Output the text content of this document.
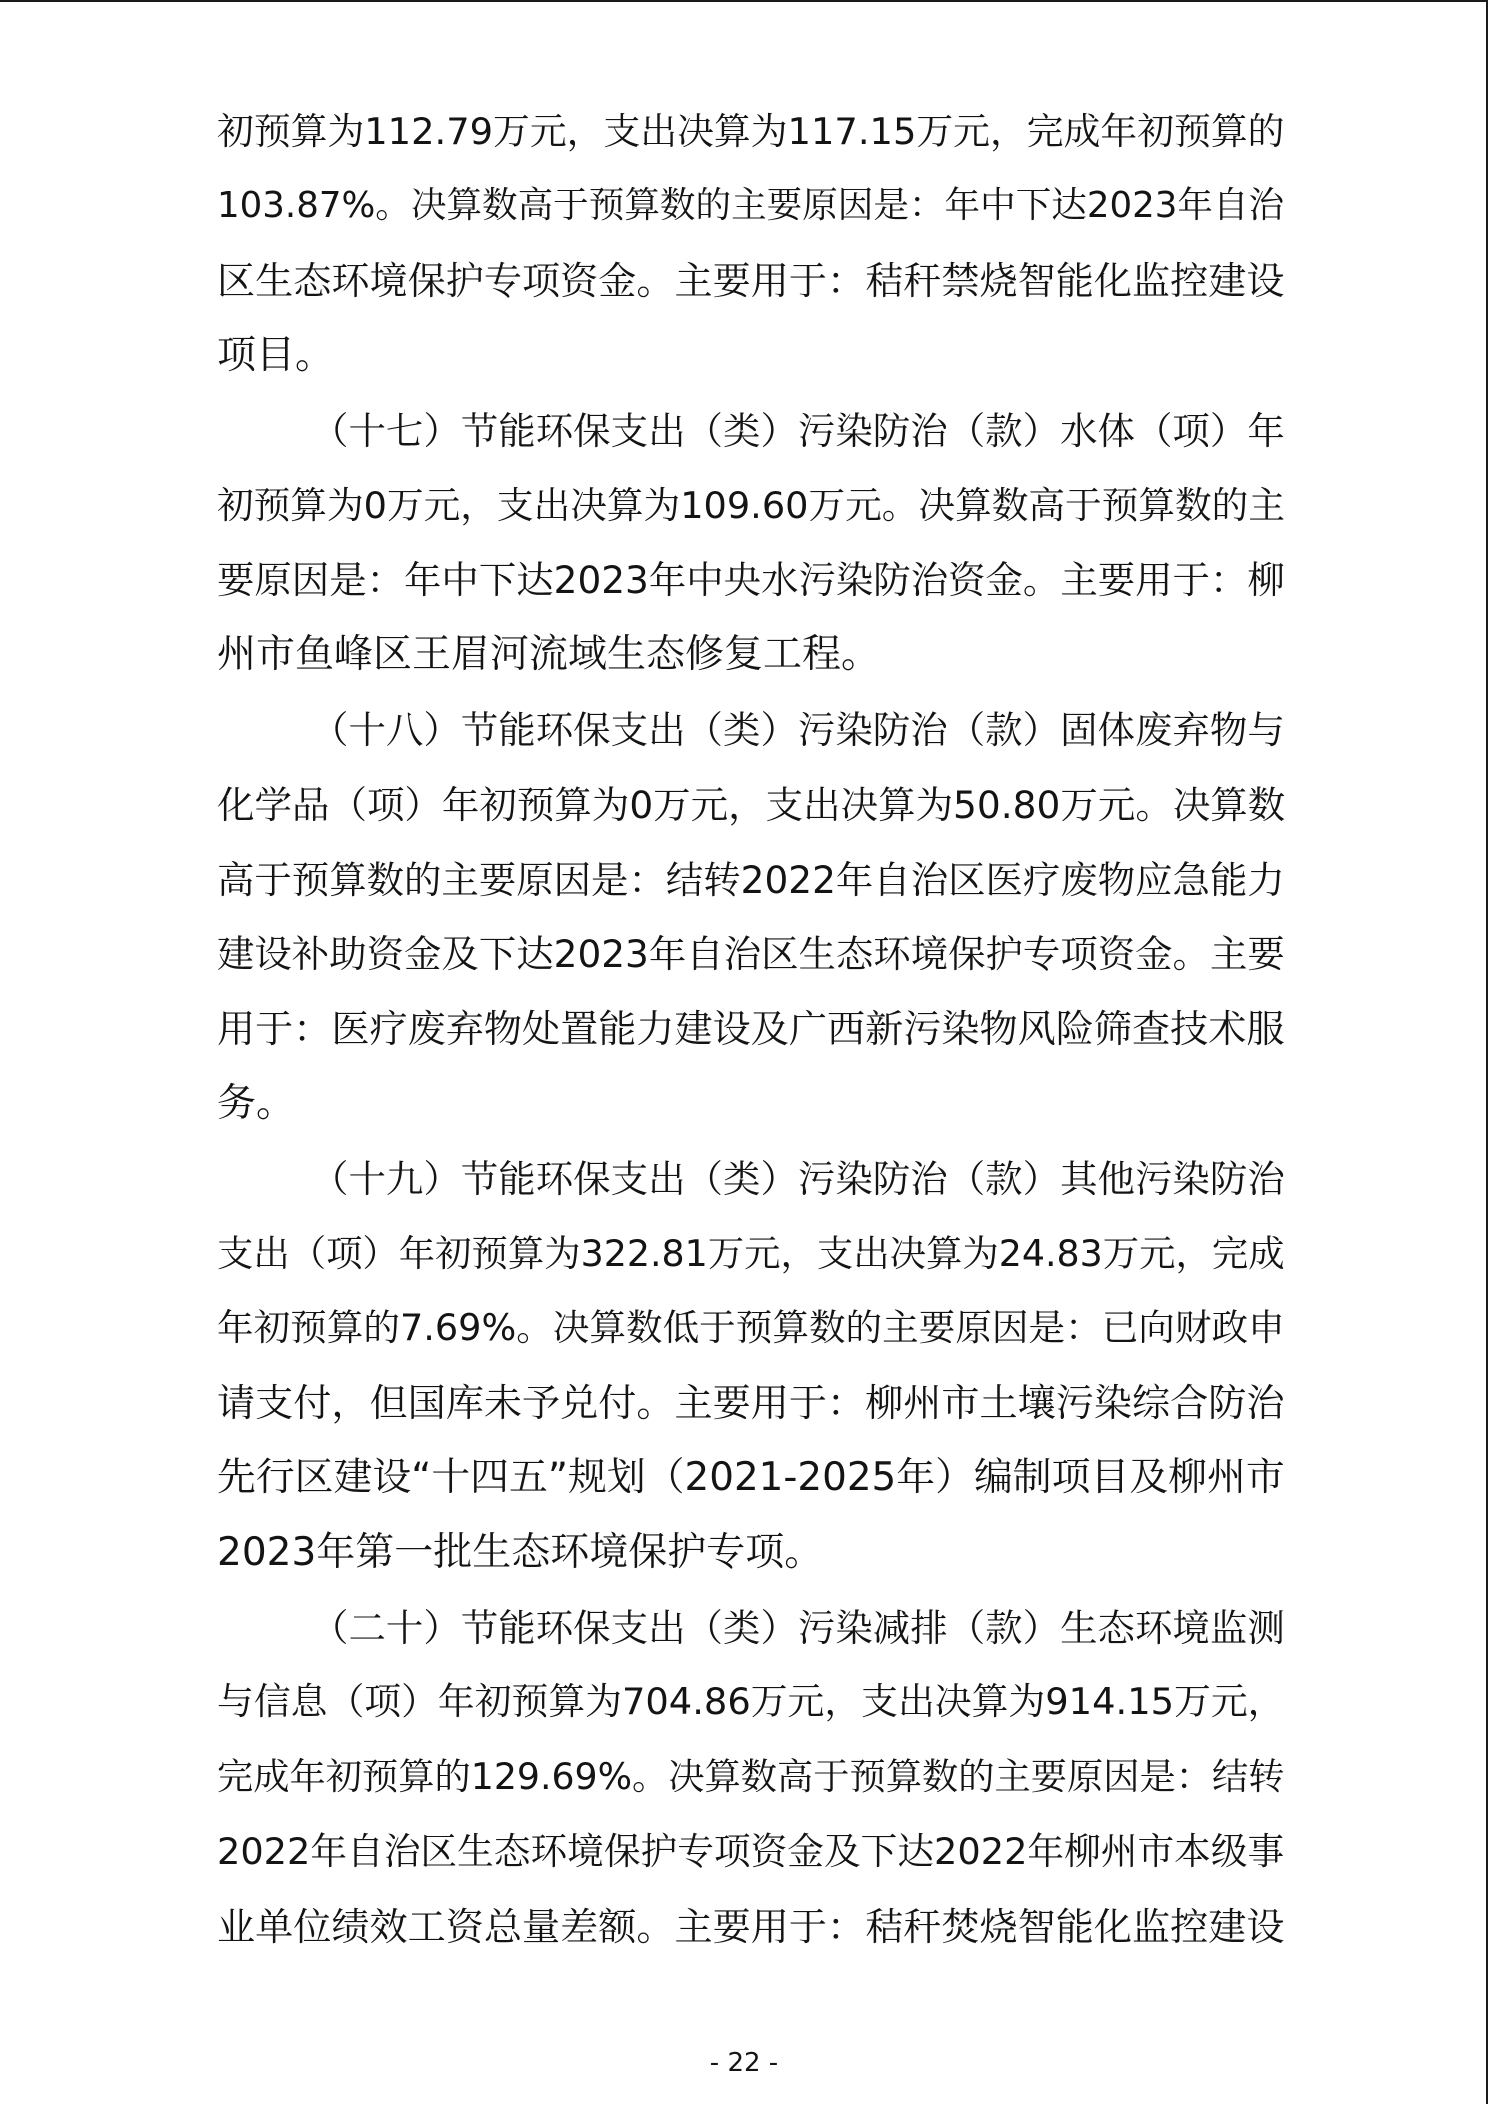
初预算为112.79万元，支出决算为117.15万元，完成年初预算的

103.87%。决算数高于预算数的主要原因是：年中下达2023年自治

区生态环境保护专项资金。主要用于：秸秆禁烧智能化监控建设

项目。

（十七）节能环保支出（类）污染防治（款）水体（项）年

初预算为0万元，支出决算为109.60万元。决算数高于预算数的主

要原因是：年中下达2023年中央水污染防治资金。主要用于：柳

州市鱼峰区王眉河流域生态修复工程。

（十八）节能环保支出（类）污染防治（款）固体废弃物与

化学品（项）年初预算为0万元，支出决算为50.80万元。决算数

高于预算数的主要原因是：结转2022年自治区医疗废物应急能力

建设补助资金及下达2023年自治区生态环境保护专项资金。主要

用于：医疗废弃物处置能力建设及广西新污染物风险筛查技术服

务。

（十九）节能环保支出（类）污染防治（款）其他污染防治

支出（项）年初预算为322.81万元，支出决算为24.83万元，完成

年初预算的7.69%。决算数低于预算数的主要原因是：已向财政申

请支付，但国库未予兑付。主要用于：柳州市土壤污染综合防治

先行区建设“十四五”规划（2021-2025年）编制项目及柳州市

2023年第一批生态环境保护专项。

（二十）节能环保支出（类）污染减排（款）生态环境监测

与信息（项）年初预算为704.86万元，支出决算为914.15万元，

完成年初预算的129.69%。决算数高于预算数的主要原因是：结转

2022年自治区生态环境保护专项资金及下达2022年柳州市本级事

业单位绩效工资总量差额。主要用于：秸秆焚烧智能化监控建设

- 22 -
